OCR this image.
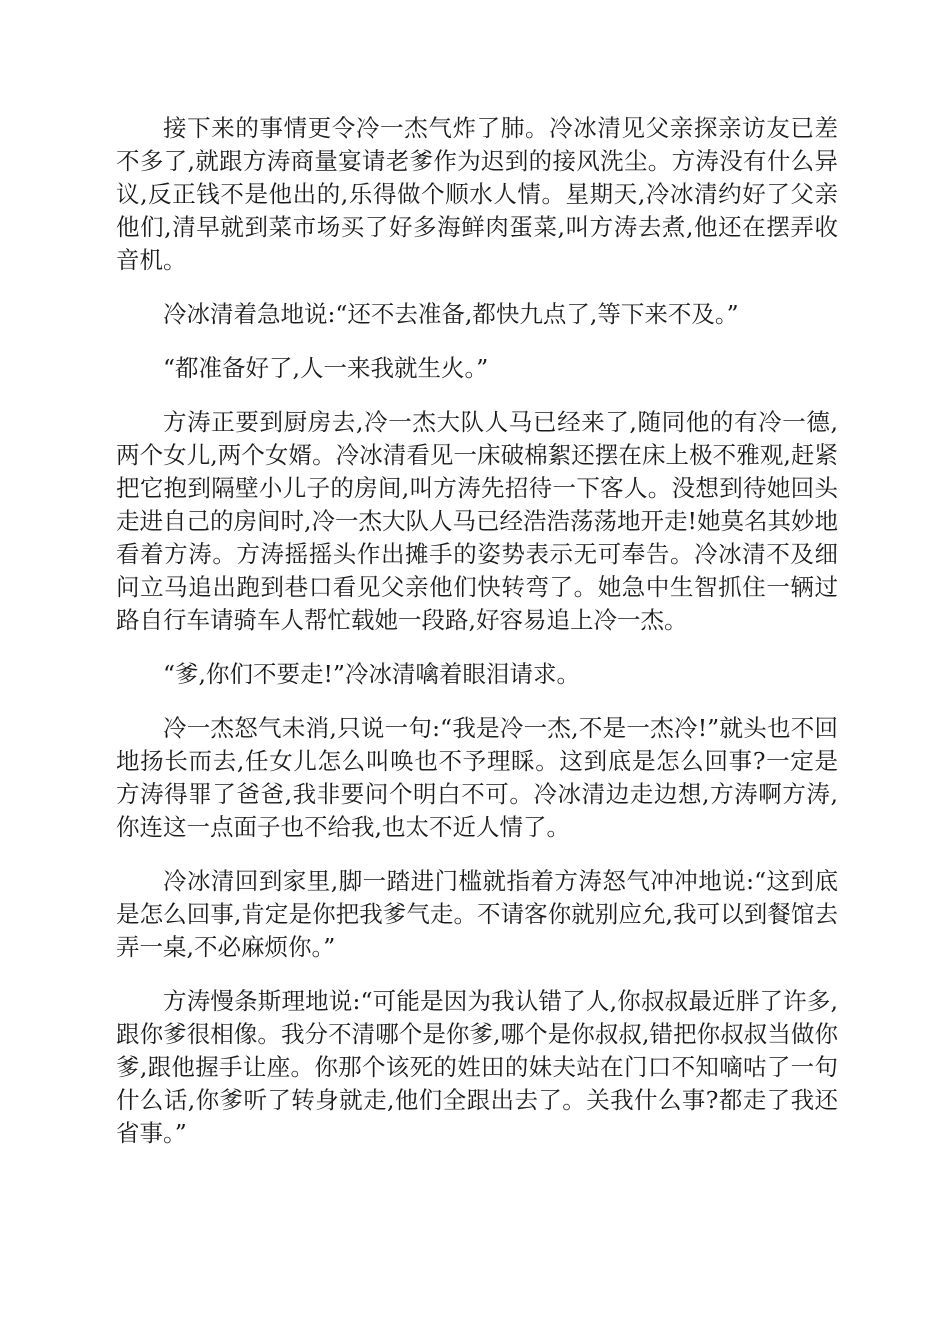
接下来的事情更令冷一杰气炸了肺。冷冰清见父亲探亲访友已差不多了,就跟方涛商量宴请老爹作为迟到的接风洗尘。方涛没有什么异议,反正钱不是他出的,乐得做个顺水人情。星期天,冷冰清约好了父亲他们,清早就到菜市场买了好多海鲜肉蛋菜,叫方涛去煮,他还在摆弄收音机。

冷冰清着急地说:“还不去准备,都快九点了,等下来不及。”

“都准备好了,人一来我就生火。”

方涛正要到厨房去,冷一杰大队人马已经来了,随同他的有冷一德,两个女儿,两个女婿。冷冰清看见一床破棉絮还摆在床上极不雅观,赶紧把它抱到隔壁小儿子的房间,叫方涛先招待一下客人。没想到待她回头走进自己的房间时,冷一杰大队人马已经浩浩荡荡地开走!她莫名其妙地看着方涛。方涛摇摇头作出摊手的姿势表示无可奉告。冷冰清不及细问立马追出跑到巷口看见父亲他们快转弯了。她急中生智抓住一辆过路自行车请骑车人帮忙载她一段路,好容易追上冷一杰。

“爹,你们不要走!”冷冰清噙着眼泪请求。

冷一杰怒气未消,只说一句:“我是冷一杰,不是一杰冷!”就头也不回地扬长而去,任女儿怎么叫唤也不予理睬。这到底是怎么回事?一定是方涛得罪了爸爸,我非要问个明白不可。冷冰清边走边想,方涛啊方涛,你连这一点面子也不给我,也太不近人情了。

冷冰清回到家里,脚一踏进门槛就指着方涛怒气冲冲地说:“这到底是怎么回事,肯定是你把我爹气走。不请客你就别应允,我可以到餐馆去弄一桌,不必麻烦你。”

方涛慢条斯理地说:“可能是因为我认错了人,你叔叔最近胖了许多,跟你爹很相像。我分不清哪个是你爹,哪个是你叔叔,错把你叔叔当做你爹,跟他握手让座。你那个该死的姓田的妹夫站在门口不知嘀咕了一句什么话,你爹听了转身就走,他们全跟出去了。关我什么事?都走了我还省事。”
